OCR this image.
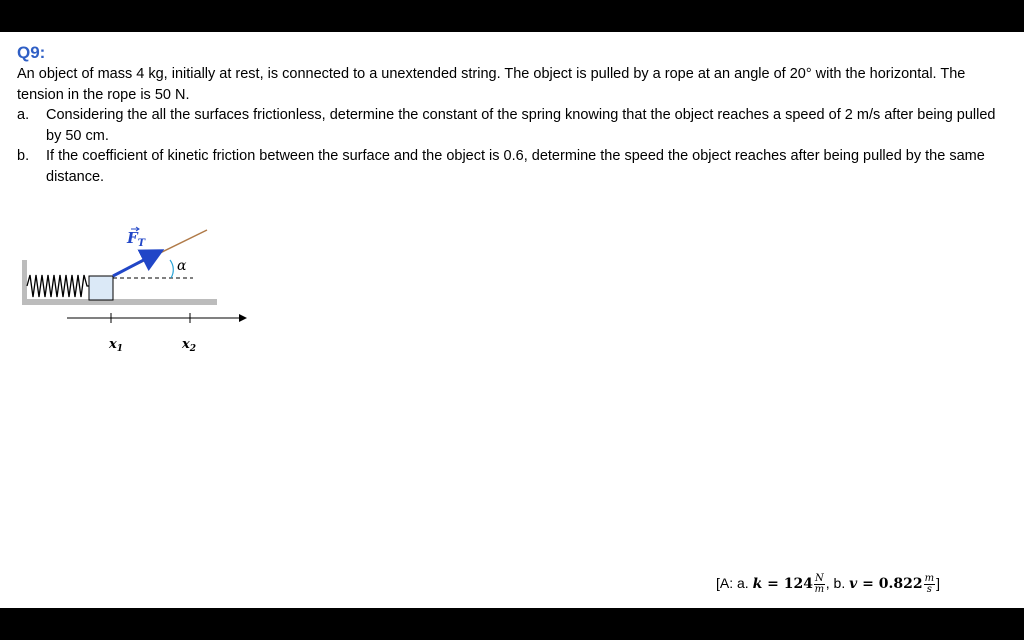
Q9:

An object of mass 4 kg, initially at rest, is connected to a unextended string. The object is pulled by a rope at an angle of 20° with the horizontal. The tension in the rope is 50 N.

a. Considering the all the surfaces frictionless, determine the constant of the spring knowing that the object reaches a speed of 2 m/s after being pulled by 50 cm.
b. If the coefficient of kinetic friction between the surface and the object is 0.6, determine the speed the object reaches after being pulled by the same distance.
$F_T$
α
$x_1$	$x_2$
[A: a. $k = 124 \frac{N}{m}$ , b. $v = 0.822 \frac{m}{s}$ ]
